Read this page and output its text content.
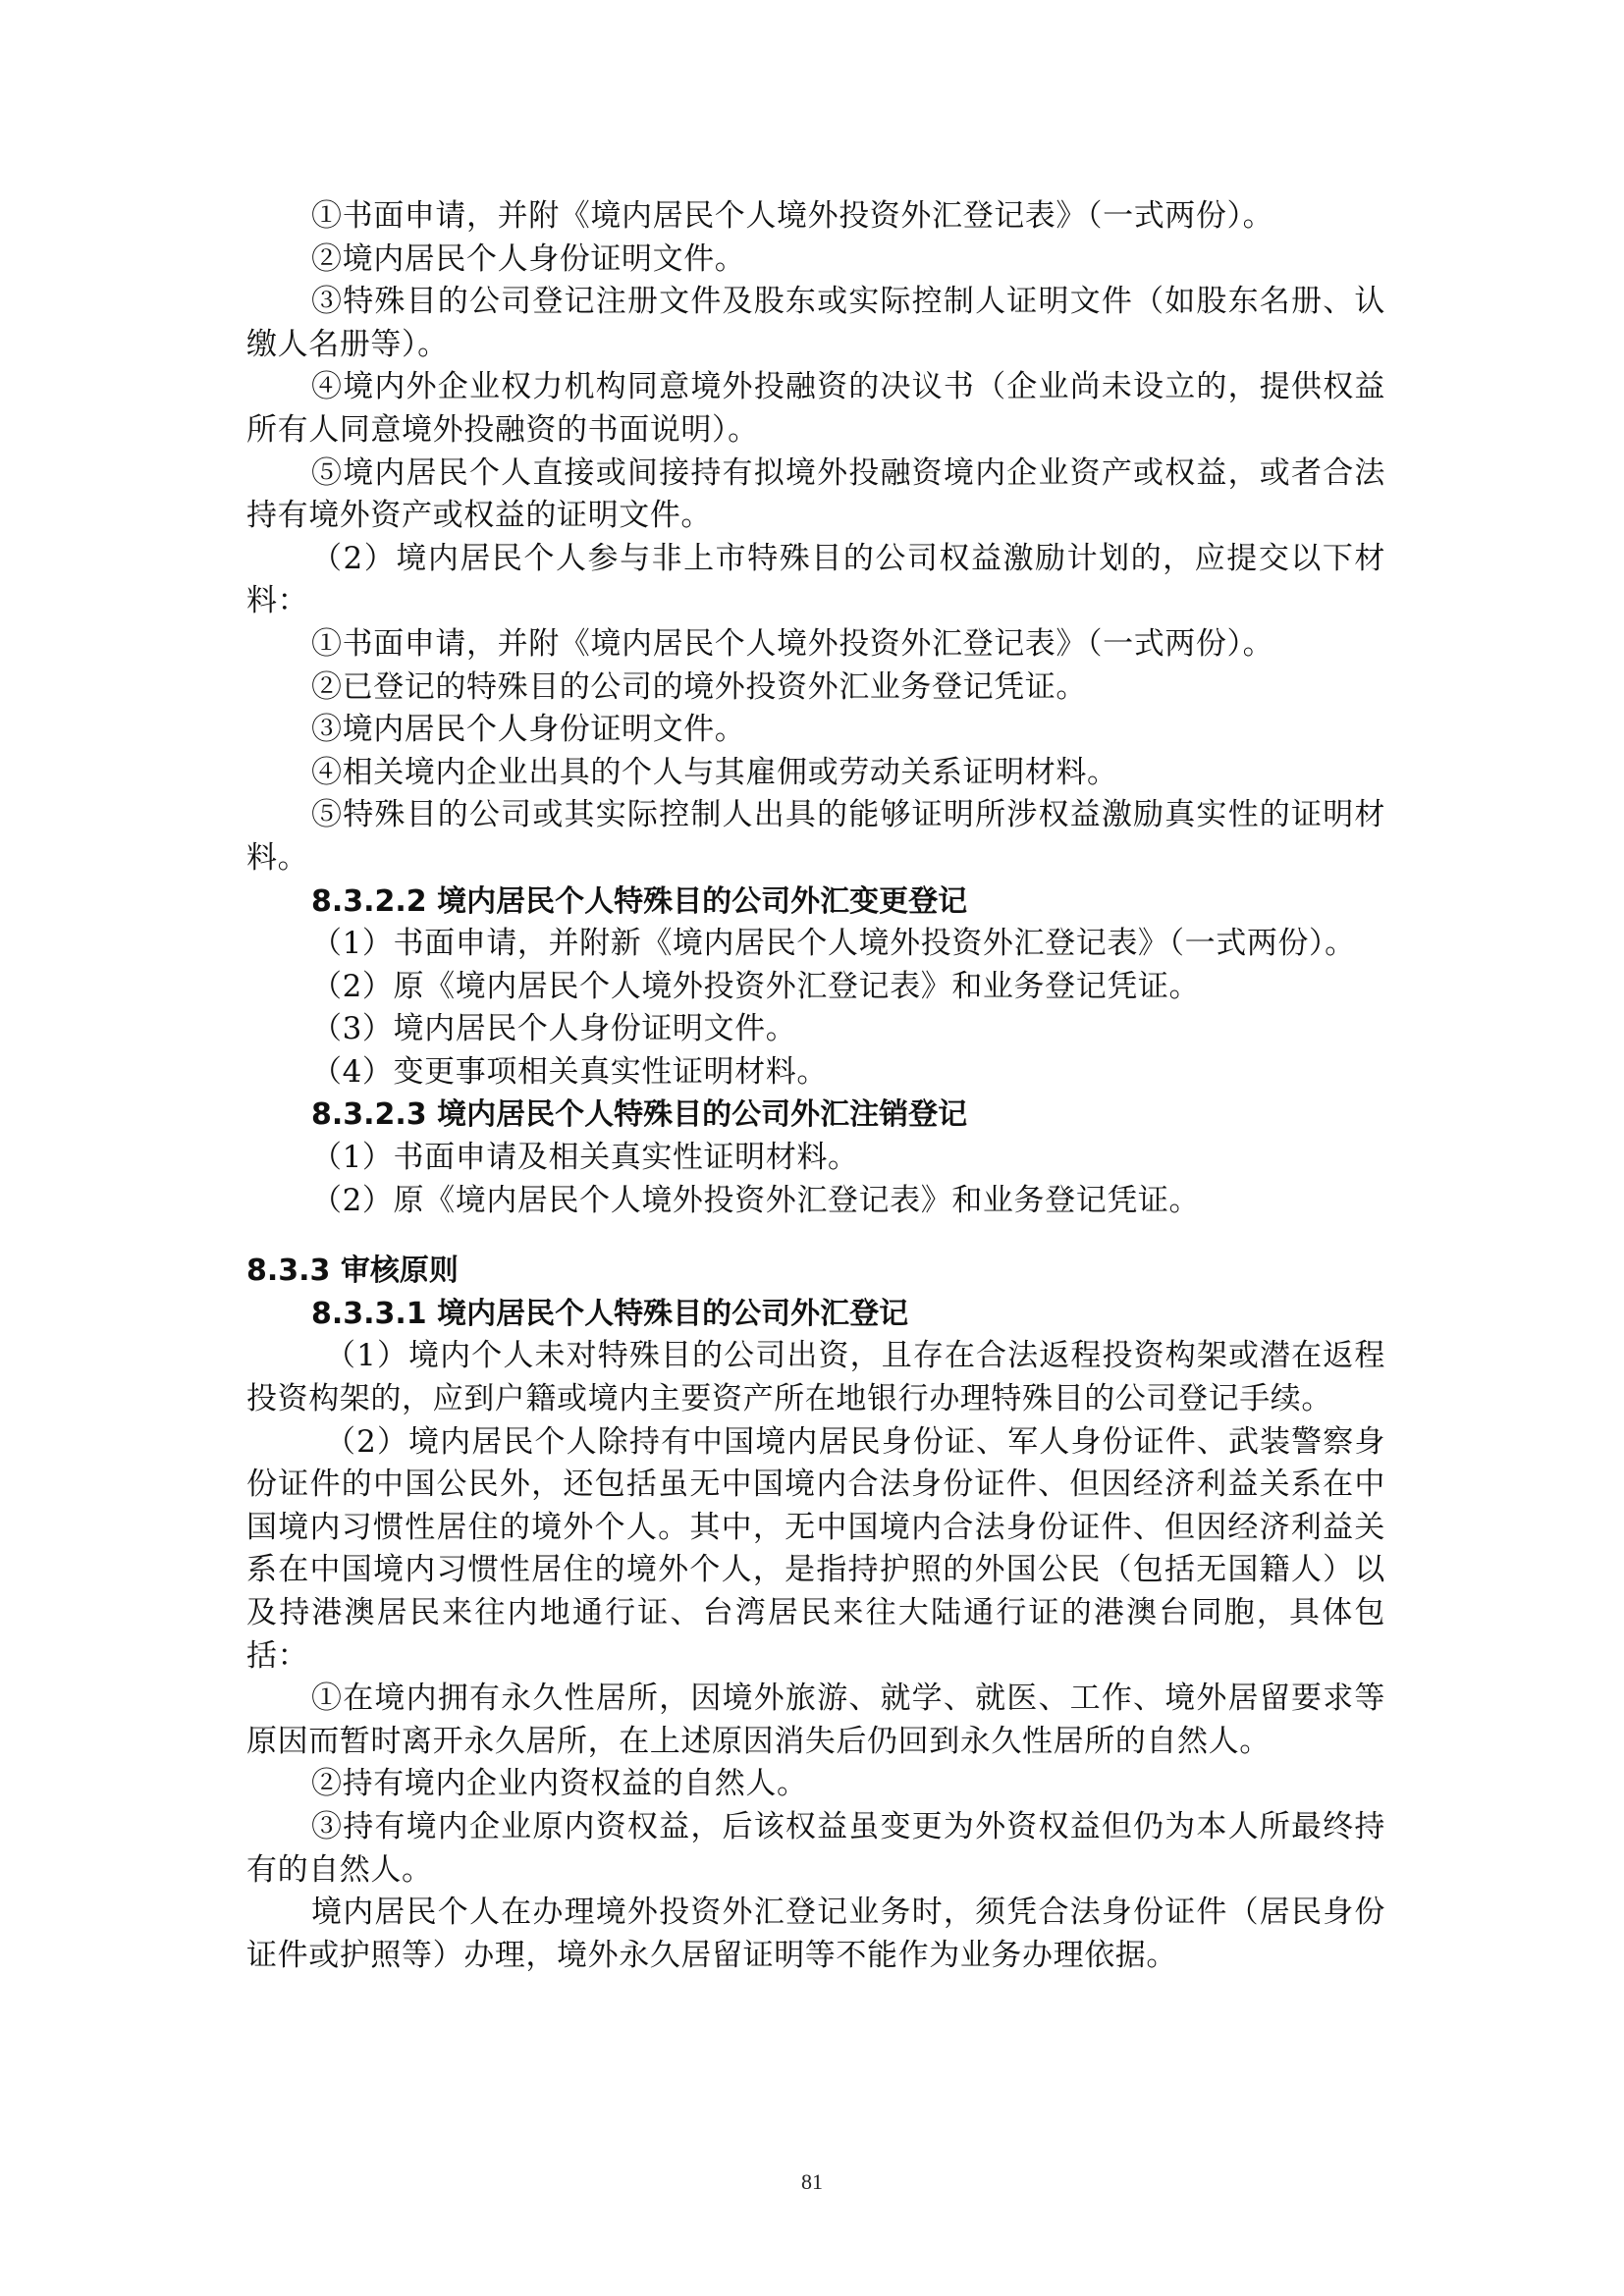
①书面申请，并附《境内居民个人境外投资外汇登记表》（一式两份）。
②境内居民个人身份证明文件。
③特殊目的公司登记注册文件及股东或实际控制人证明文件（如股东名册、认缴人名册等）。
④境内外企业权力机构同意境外投融资的决议书（企业尚未设立的，提供权益所有人同意境外投融资的书面说明）。
⑤境内居民个人直接或间接持有拟境外投融资境内企业资产或权益，或者合法持有境外资产或权益的证明文件。
（2）境内居民个人参与非上市特殊目的公司权益激励计划的，应提交以下材料：
①书面申请，并附《境内居民个人境外投资外汇登记表》（一式两份）。
②已登记的特殊目的公司的境外投资外汇业务登记凭证。
③境内居民个人身份证明文件。
④相关境内企业出具的个人与其雇佣或劳动关系证明材料。
⑤特殊目的公司或其实际控制人出具的能够证明所涉权益激励真实性的证明材料。
8.3.2.2 境内居民个人特殊目的公司外汇变更登记
（1）书面申请，并附新《境内居民个人境外投资外汇登记表》（一式两份）。
（2）原《境内居民个人境外投资外汇登记表》和业务登记凭证。
（3）境内居民个人身份证明文件。
（4）变更事项相关真实性证明材料。
8.3.2.3 境内居民个人特殊目的公司外汇注销登记
（1）书面申请及相关真实性证明材料。
（2）原《境内居民个人境外投资外汇登记表》和业务登记凭证。
8.3.3 审核原则
8.3.3.1 境内居民个人特殊目的公司外汇登记
（1）境内个人未对特殊目的公司出资，且存在合法返程投资构架或潜在返程投资构架的，应到户籍或境内主要资产所在地银行办理特殊目的公司登记手续。
（2）境内居民个人除持有中国境内居民身份证、军人身份证件、武装警察身份证件的中国公民外，还包括虽无中国境内合法身份证件、但因经济利益关系在中国境内习惯性居住的境外个人。其中，无中国境内合法身份证件、但因经济利益关系在中国境内习惯性居住的境外个人，是指持护照的外国公民（包括无国籍人）以及持港澳居民来往内地通行证、台湾居民来往大陆通行证的港澳台同胞，具体包括：
①在境内拥有永久性居所，因境外旅游、就学、就医、工作、境外居留要求等原因而暂时离开永久居所，在上述原因消失后仍回到永久性居所的自然人。
②持有境内企业内资权益的自然人。
③持有境内企业原内资权益，后该权益虽变更为外资权益但仍为本人所最终持有的自然人。
境内居民个人在办理境外投资外汇登记业务时，须凭合法身份证件（居民身份证件或护照等）办理，境外永久居留证明等不能作为业务办理依据。
81
